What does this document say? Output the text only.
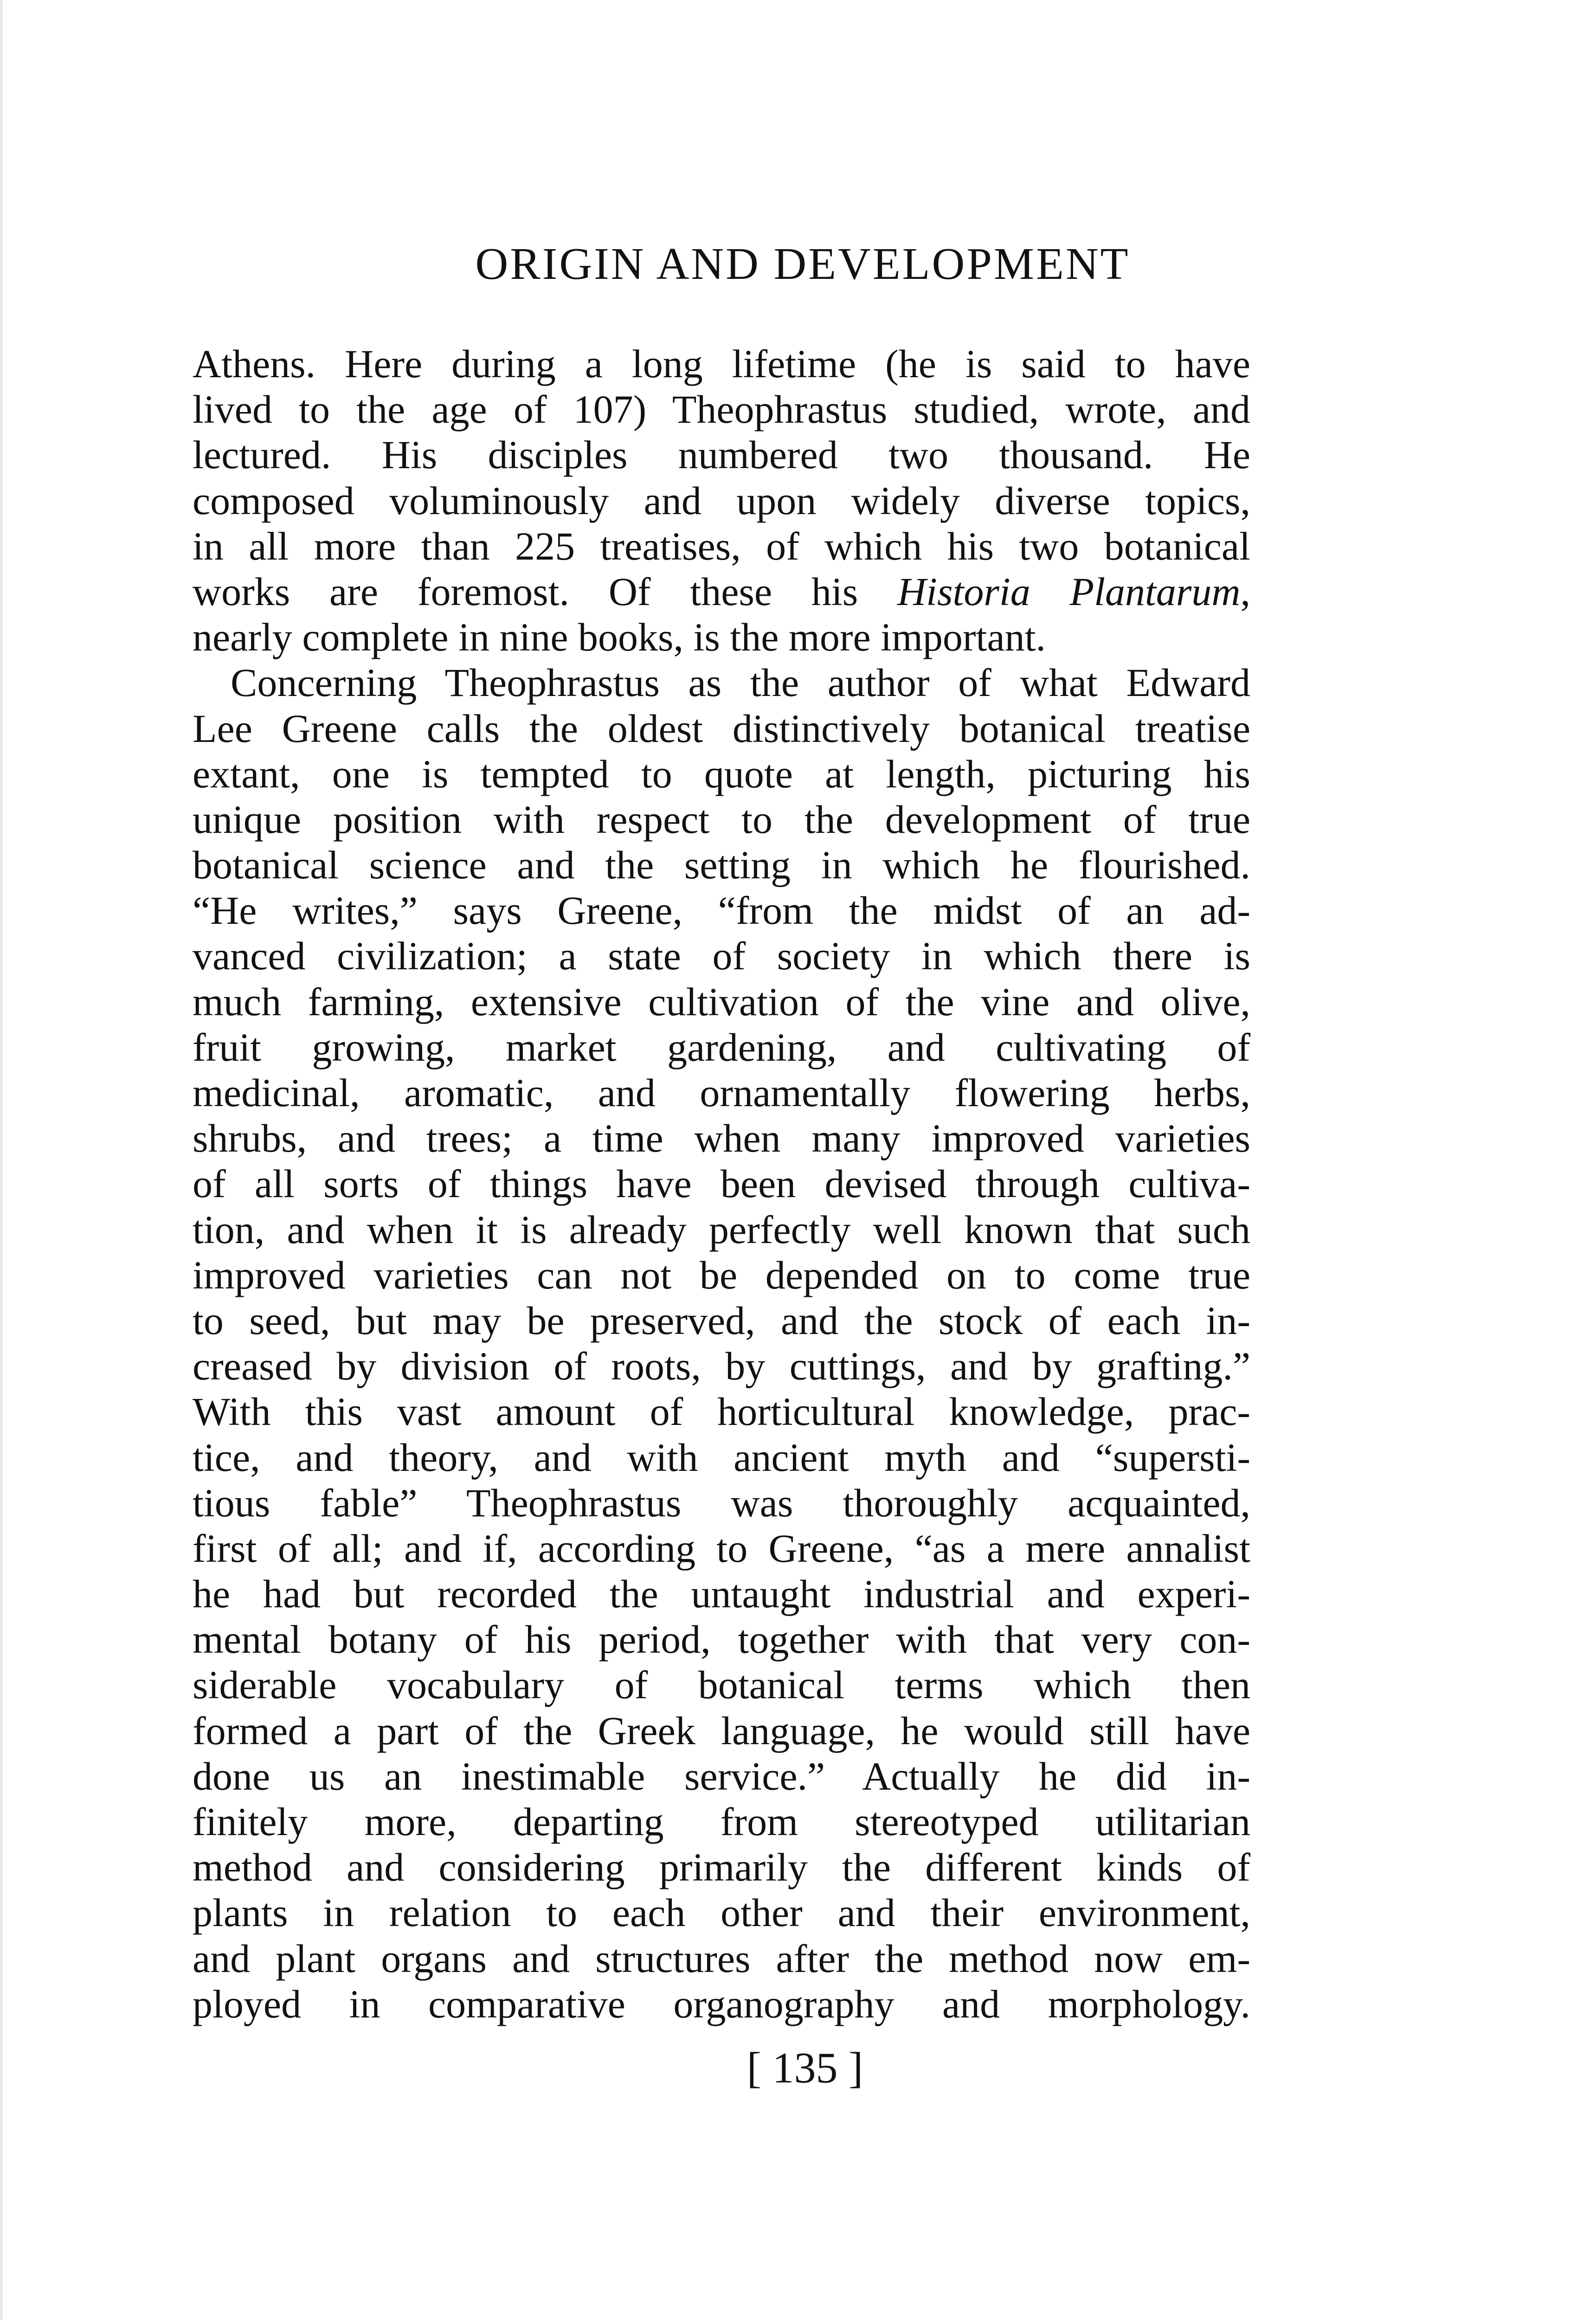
ORIGIN AND DEVELOPMENT
Athens. Here during a long lifetime (he is said to have
lived to the age of 107) Theophrastus studied, wrote, and
lectured. His disciples numbered two thousand. He
composed voluminously and upon widely diverse topics,
in all more than 225 treatises, of which his two botanical
works are foremost. Of these his Historia Plantarum,
nearly complete in nine books, is the more important.
Concerning Theophrastus as the author of what Edward
Lee Greene calls the oldest distinctively botanical treatise
extant, one is tempted to quote at length, picturing his
unique position with respect to the development of true
botanical science and the setting in which he flourished.
“He writes,” says Greene, “from the midst of an ad-
vanced civilization; a state of society in which there is
much farming, extensive cultivation of the vine and olive,
fruit growing, market gardening, and cultivating of
medicinal, aromatic, and ornamentally flowering herbs,
shrubs, and trees; a time when many improved varieties
of all sorts of things have been devised through cultiva-
tion, and when it is already perfectly well known that such
improved varieties can not be depended on to come true
to seed, but may be preserved, and the stock of each in-
creased by division of roots, by cuttings, and by grafting.”
With this vast amount of horticultural knowledge, prac-
tice, and theory, and with ancient myth and “supersti-
tious fable” Theophrastus was thoroughly acquainted,
first of all; and if, according to Greene, “as a mere annalist
he had but recorded the untaught industrial and experi-
mental botany of his period, together with that very con-
siderable vocabulary of botanical terms which then
formed a part of the Greek language, he would still have
done us an inestimable service.” Actually he did in-
finitely more, departing from stereotyped utilitarian
method and considering primarily the different kinds of
plants in relation to each other and their environment,
and plant organs and structures after the method now em-
ployed in comparative organography and morphology.
[ 135 ]
